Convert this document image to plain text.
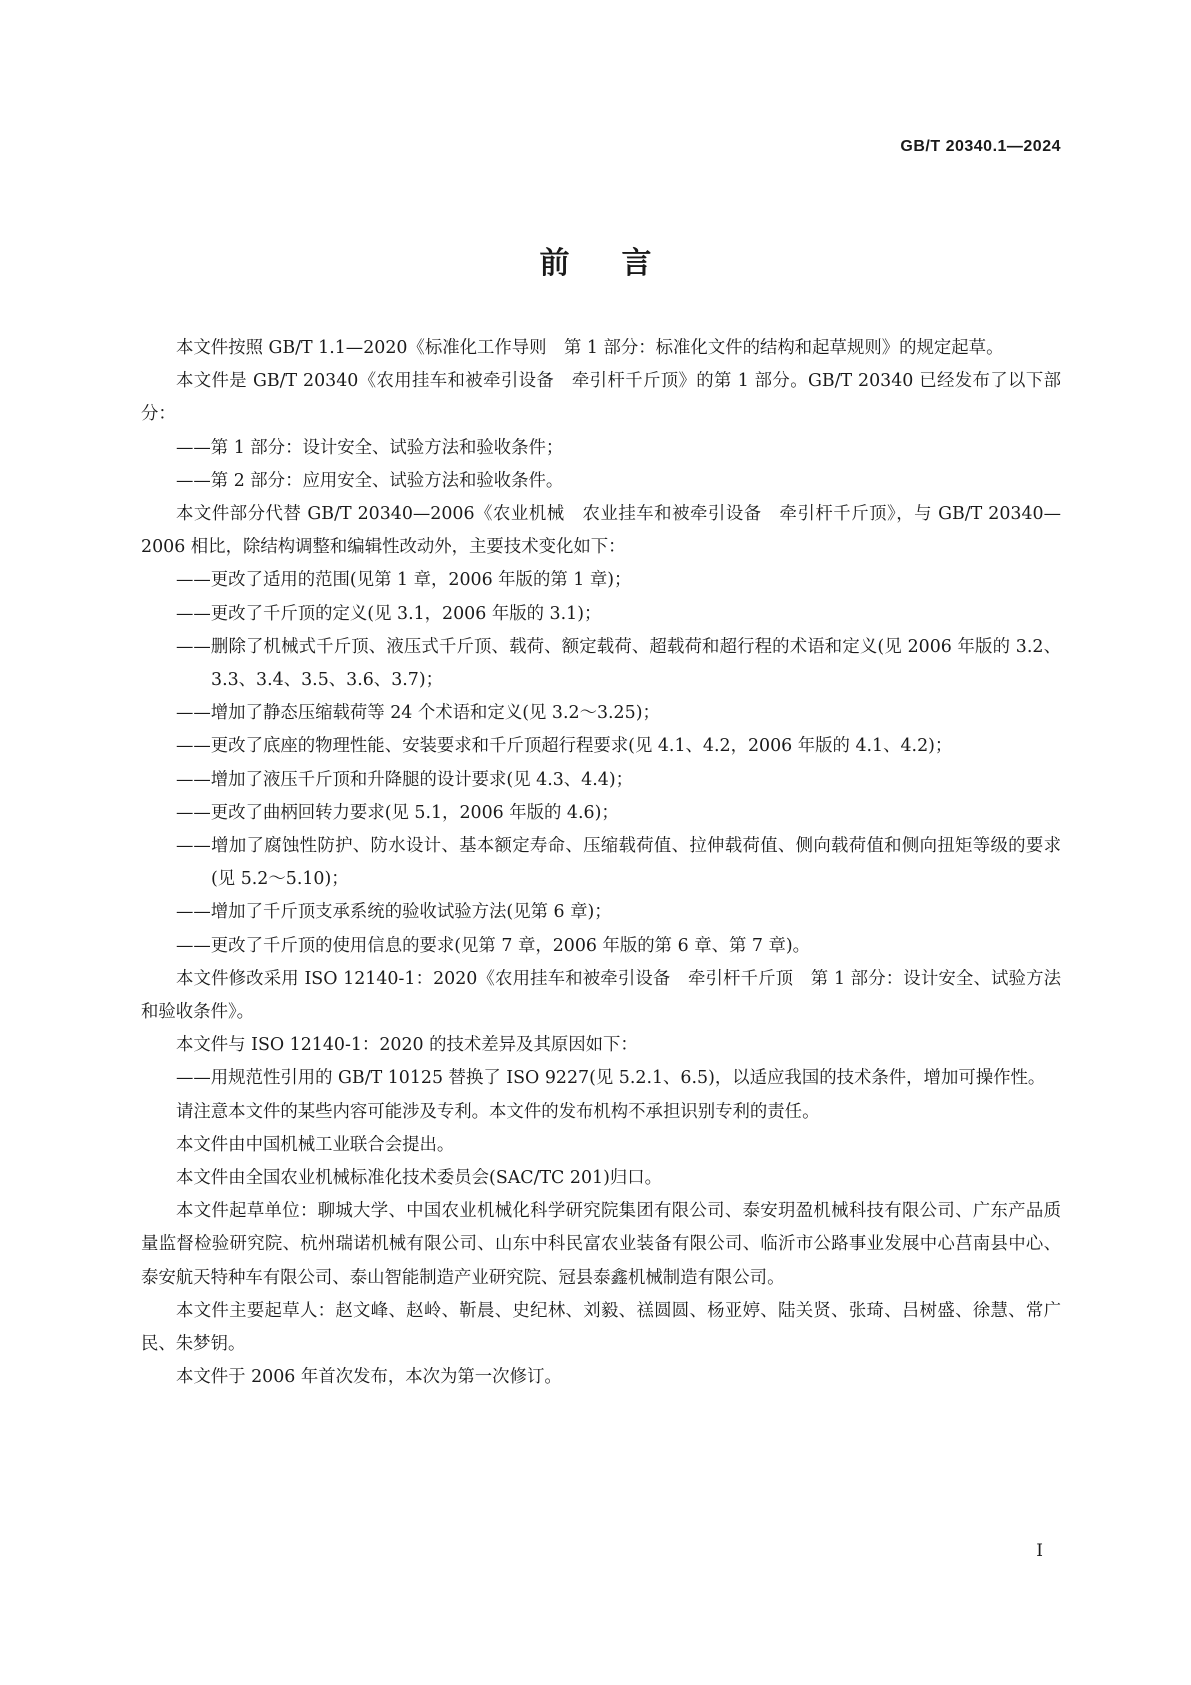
GB/T 20340.1—2024
前言

本文件按照 GB/T 1.1—2020《标准化工作导则　第 1 部分：标准化文件的结构和起草规则》的规定起草。

本文件是 GB/T 20340《农用挂车和被牵引设备　牵引杆千斤顶》的第 1 部分。GB/T 20340 已经发布了以下部分：

——第 1 部分：设计安全、试验方法和验收条件；

——第 2 部分：应用安全、试验方法和验收条件。

本文件部分代替 GB/T 20340—2006《农业机械　农业挂车和被牵引设备　牵引杆千斤顶》，与 GB/T 20340—2006 相比，除结构调整和编辑性改动外，主要技术变化如下：

——更改了适用的范围(见第 1 章，2006 年版的第 1 章)；

——更改了千斤顶的定义(见 3.1，2006 年版的 3.1)；

——删除了机械式千斤顶、液压式千斤顶、载荷、额定载荷、超载荷和超行程的术语和定义(见 2006 年版的 3.2、3.3、3.4、3.5、3.6、3.7)；

——增加了静态压缩载荷等 24 个术语和定义(见 3.2～3.25)；

——更改了底座的物理性能、安装要求和千斤顶超行程要求(见 4.1、4.2，2006 年版的 4.1、4.2)；

——增加了液压千斤顶和升降腿的设计要求(见 4.3、4.4)；

——更改了曲柄回转力要求(见 5.1，2006 年版的 4.6)；

——增加了腐蚀性防护、防水设计、基本额定寿命、压缩载荷值、拉伸载荷值、侧向载荷值和侧向扭矩等级的要求(见 5.2～5.10)；

——增加了千斤顶支承系统的验收试验方法(见第 6 章)；

——更改了千斤顶的使用信息的要求(见第 7 章，2006 年版的第 6 章、第 7 章)。

本文件修改采用 ISO 12140-1：2020《农用挂车和被牵引设备　牵引杆千斤顶　第 1 部分：设计安全、试验方法和验收条件》。

本文件与 ISO 12140-1：2020 的技术差异及其原因如下：

——用规范性引用的 GB/T 10125 替换了 ISO 9227(见 5.2.1、6.5)，以适应我国的技术条件，增加可操作性。

请注意本文件的某些内容可能涉及专利。本文件的发布机构不承担识别专利的责任。

本文件由中国机械工业联合会提出。

本文件由全国农业机械标准化技术委员会(SAC/TC 201)归口。

本文件起草单位：聊城大学、中国农业机械化科学研究院集团有限公司、泰安玥盈机械科技有限公司、广东产品质量监督检验研究院、杭州瑞诺机械有限公司、山东中科民富农业装备有限公司、临沂市公路事业发展中心莒南县中心、泰安航天特种车有限公司、泰山智能制造产业研究院、冠县泰鑫机械制造有限公司。

本文件主要起草人：赵文峰、赵岭、靳晨、史纪林、刘毅、禚圆圆、杨亚婷、陆关贤、张琦、吕树盛、徐慧、常广民、朱梦钥。

本文件于 2006 年首次发布，本次为第一次修订。

I
